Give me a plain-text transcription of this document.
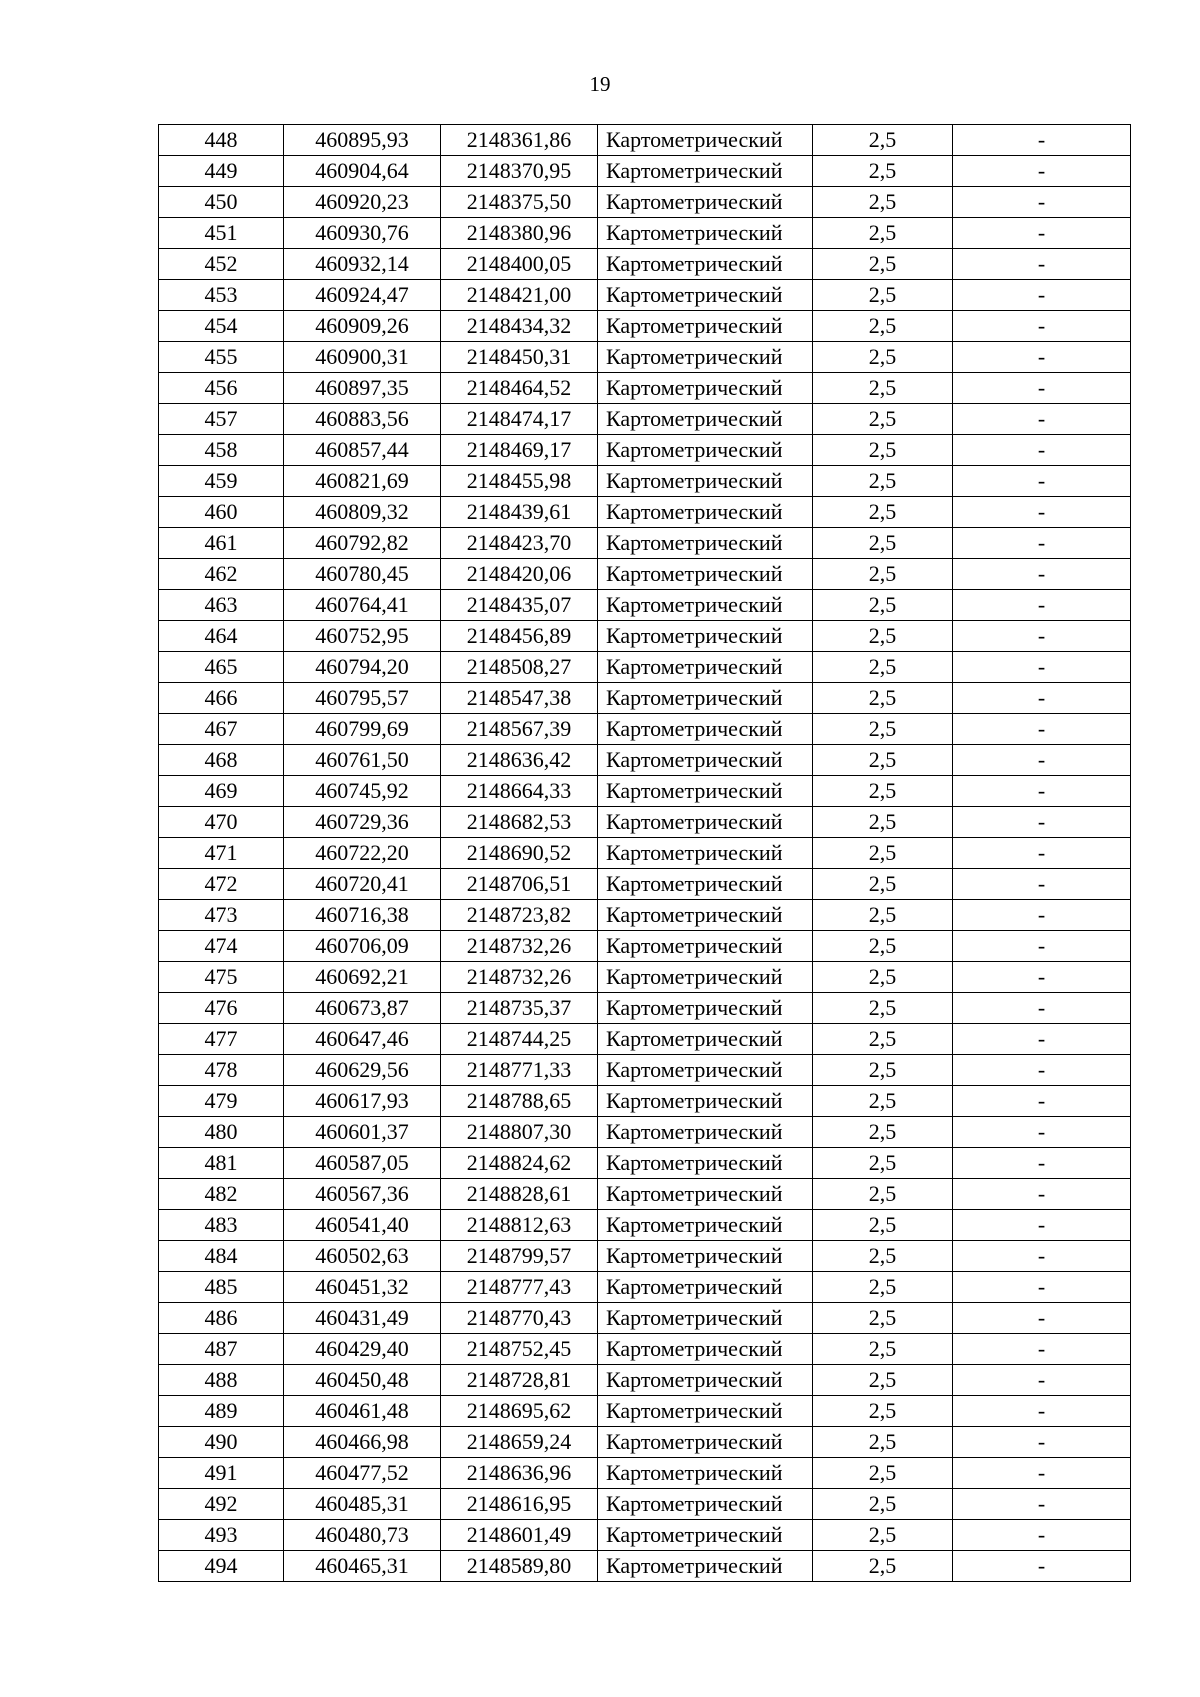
19
448	460895,93	2148361,86	Картометрический	2,5	-
449	460904,64	2148370,95	Картометрический	2,5	-
450	460920,23	2148375,50	Картометрический	2,5	-
451	460930,76	2148380,96	Картометрический	2,5	-
452	460932,14	2148400,05	Картометрический	2,5	-
453	460924,47	2148421,00	Картометрический	2,5	-
454	460909,26	2148434,32	Картометрический	2,5	-
455	460900,31	2148450,31	Картометрический	2,5	-
456	460897,35	2148464,52	Картометрический	2,5	-
457	460883,56	2148474,17	Картометрический	2,5	-
458	460857,44	2148469,17	Картометрический	2,5	-
459	460821,69	2148455,98	Картометрический	2,5	-
460	460809,32	2148439,61	Картометрический	2,5	-
461	460792,82	2148423,70	Картометрический	2,5	-
462	460780,45	2148420,06	Картометрический	2,5	-
463	460764,41	2148435,07	Картометрический	2,5	-
464	460752,95	2148456,89	Картометрический	2,5	-
465	460794,20	2148508,27	Картометрический	2,5	-
466	460795,57	2148547,38	Картометрический	2,5	-
467	460799,69	2148567,39	Картометрический	2,5	-
468	460761,50	2148636,42	Картометрический	2,5	-
469	460745,92	2148664,33	Картометрический	2,5	-
470	460729,36	2148682,53	Картометрический	2,5	-
471	460722,20	2148690,52	Картометрический	2,5	-
472	460720,41	2148706,51	Картометрический	2,5	-
473	460716,38	2148723,82	Картометрический	2,5	-
474	460706,09	2148732,26	Картометрический	2,5	-
475	460692,21	2148732,26	Картометрический	2,5	-
476	460673,87	2148735,37	Картометрический	2,5	-
477	460647,46	2148744,25	Картометрический	2,5	-
478	460629,56	2148771,33	Картометрический	2,5	-
479	460617,93	2148788,65	Картометрический	2,5	-
480	460601,37	2148807,30	Картометрический	2,5	-
481	460587,05	2148824,62	Картометрический	2,5	-
482	460567,36	2148828,61	Картометрический	2,5	-
483	460541,40	2148812,63	Картометрический	2,5	-
484	460502,63	2148799,57	Картометрический	2,5	-
485	460451,32	2148777,43	Картометрический	2,5	-
486	460431,49	2148770,43	Картометрический	2,5	-
487	460429,40	2148752,45	Картометрический	2,5	-
488	460450,48	2148728,81	Картометрический	2,5	-
489	460461,48	2148695,62	Картометрический	2,5	-
490	460466,98	2148659,24	Картометрический	2,5	-
491	460477,52	2148636,96	Картометрический	2,5	-
492	460485,31	2148616,95	Картометрический	2,5	-
493	460480,73	2148601,49	Картометрический	2,5	-
494	460465,31	2148589,80	Картометрический	2,5	-
